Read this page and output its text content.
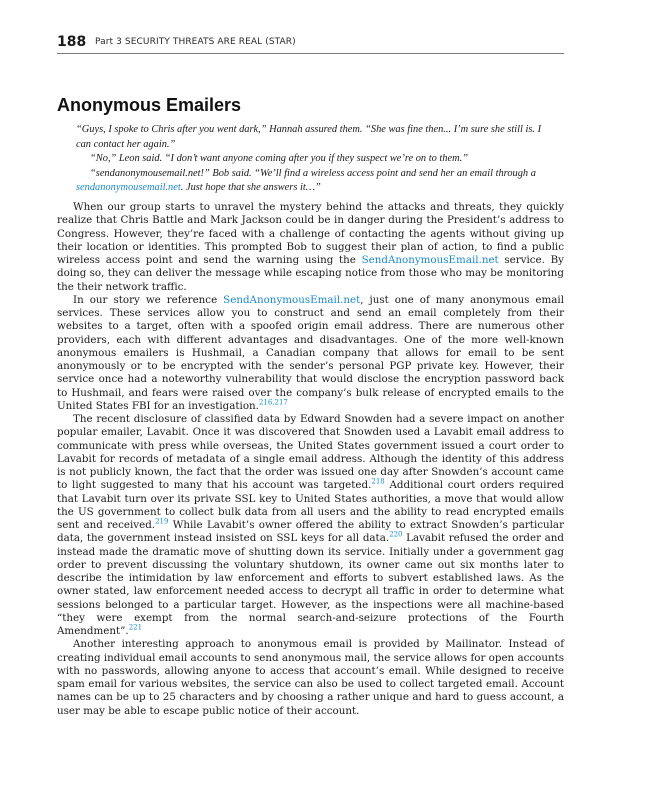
188 Part 3 SECURITY THREATS ARE REAL (STAR)
Anonymous Emailers

“Guys, I spoke to Chris after you went dark,” Hannah assured them. “She was fine then... I’m sure she still is. I can contact her again.”

“No,” Leon said. “I don’t want anyone coming after you if they suspect we’re on to them.”

“sendanonymousemail.net!” Bob said. “We’ll find a wireless access point and send her an email through a sendanonymousemail.net. Just hope that she answers it…”

When our group starts to unravel the mystery behind the attacks and threats, they quickly realize that Chris Battle and Mark Jackson could be in danger during the President’s address to Congress. However, they’re faced with a challenge of contacting the agents without giving up their location or identities. This prompted Bob to suggest their plan of action, to find a public wireless access point and send the warning using the SendAnonymousEmail.net service. By doing so, they can deliver the message while escaping notice from those who may be monitoring the their network traffic.

In our story we reference SendAnonymousEmail.net, just one of many anonymous email services. These services allow you to construct and send an email completely from their websites to a target, often with a spoofed origin email address. There are numerous other providers, each with different advantages and disadvantages. One of the more well-known anonymous emailers is Hushmail, a Canadian company that allows for email to be sent anonymously or to be encrypted with the sender’s personal PGP private key. However, their service once had a noteworthy vulnerability that would disclose the encryption password back to Hushmail, and fears were raised over the company’s bulk release of encrypted emails to the United States FBI for an investigation.$^{216,217}$

The recent disclosure of classified data by Edward Snowden had a severe impact on another popular emailer, Lavabit. Once it was discovered that Snowden used a Lavabit email address to communicate with press while overseas, the United States government issued a court order to Lavabit for records of metadata of a single email address. Although the identity of this address is not publicly known, the fact that the order was issued one day after Snowden’s account came to light suggested to many that his account was targeted.$^{218}$ Additional court orders required that Lavabit turn over its private SSL key to United States authorities, a move that would allow the US government to collect bulk data from all users and the ability to read encrypted emails sent and received.$^{219}$ While Lavabit’s owner offered the ability to extract Snowden’s particular data, the government instead insisted on SSL keys for all data.$^{220}$ Lavabit refused the order and instead made the dramatic move of shutting down its service. Initially under a government gag order to prevent discussing the voluntary shutdown, its owner came out six months later to describe the intimidation by law enforcement and efforts to subvert established laws. As the owner stated, law enforcement needed access to decrypt all traffic in order to determine what sessions belonged to a particular target. However, as the inspections were all machine-based “they were exempt from the normal search-and-seizure protections of the Fourth Amendment”.$^{221}$

Another interesting approach to anonymous email is provided by Mailinator. Instead of creating individual email accounts to send anonymous mail, the service allows for open accounts with no passwords, allowing anyone to access that account’s email. While designed to receive spam email for various websites, the service can also be used to collect targeted email. Account names can be up to 25 characters and by choosing a rather unique and hard to guess account, a user may be able to escape public notice of their account.
